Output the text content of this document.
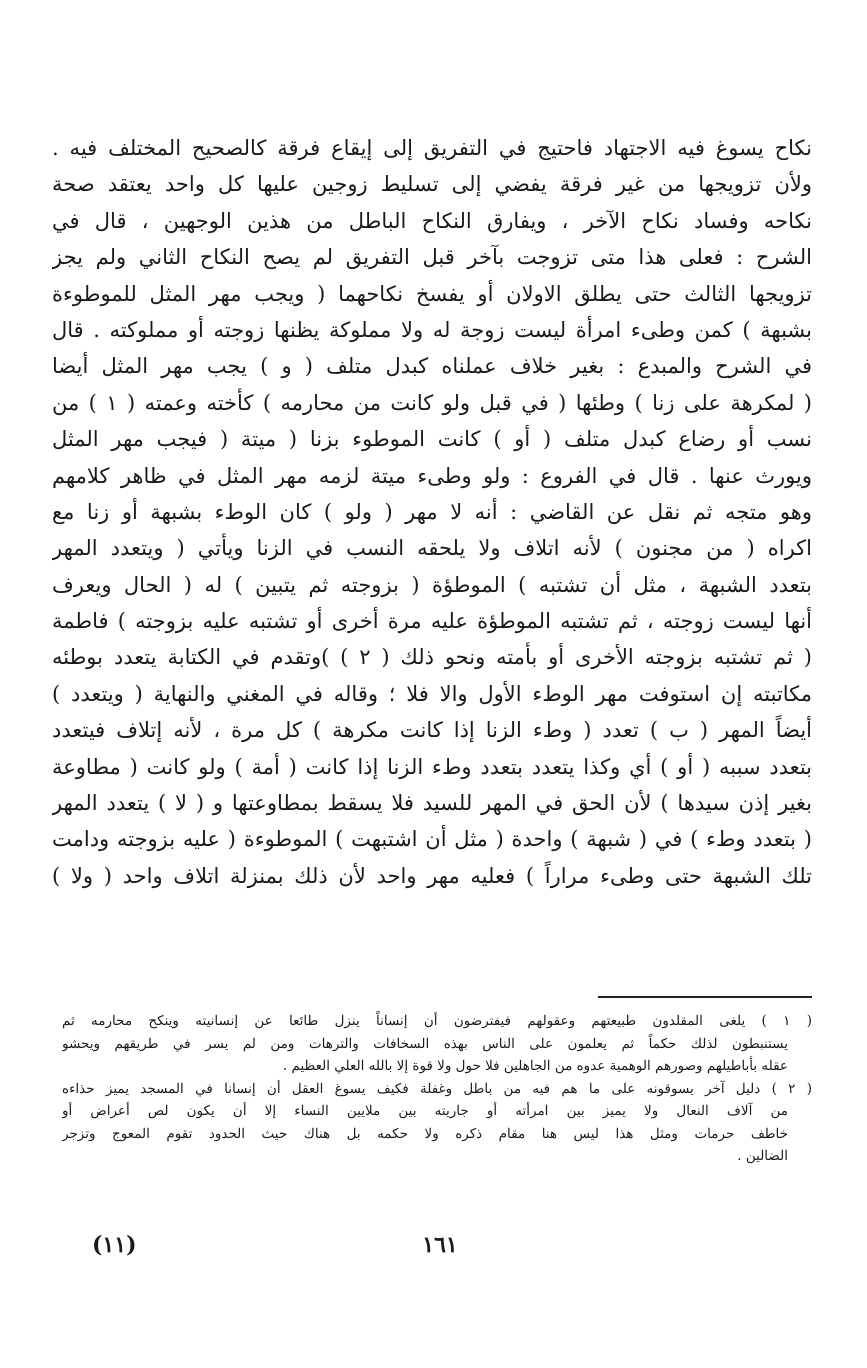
نكاح يسوغ فيه الاجتهاد فاحتيج في التفريق إلى إيقاع فرقة كالصحيح المختلف فيه .
ولأن تزويجها من غير فرقة يفضي إلى تسليط زوجين عليها كل واحد يعتقد صحة
نكاحه وفساد نكاح الآخر ، ويفارق النكاح الباطل من هذين الوجهين ، قال في
الشرح : فعلى هذا متى تزوجت بآخر قبل التفريق لم يصح النكاح الثاني ولم يجز
تزويجها الثالث حتى يطلق الاولان أو يفسخ نكاحهما ( ويجب مهر المثل للموطوءة
بشبهة ) كمن وطىء امرأة ليست زوجة له ولا مملوكة يظنها زوجته أو مملوكته . قال
في الشرح والمبدع : بغير خلاف عملناه كبدل متلف ( و ) يجب مهر المثل أيضا
( لمكرهة على زنا ) وطئها ( في قبل ولو كانت من محارمه ) كأخته وعمته ( ١ ) من
نسب أو رضاع كبدل متلف ( أو ) كانت الموطوء بزنا ( ميتة ( فيجب مهر المثل
ويورث عنها . قال في الفروع : ولو وطىء ميتة لزمه مهر المثل في ظاهر كلامهم
وهو متجه ثم نقل عن القاضي : أنه لا مهر ( ولو ) كان الوطء بشبهة أو زنا مع
اكراه ( من مجنون ) لأنه اتلاف ولا يلحقه النسب في الزنا ويأتي ( ويتعدد المهر
بتعدد الشبهة ، مثل أن تشتبه ) الموطؤة ( بزوجته ثم يتبين ) له ( الحال ويعرف
أنها ليست زوجته ، ثم تشتبه الموطؤة عليه مرة أخرى أو تشتبه عليه بزوجته ) فاطمة
( ثم تشتبه بزوجته الأخرى أو بأمته ونحو ذلك ( ٢ ) )وتقدم في الكتابة يتعدد بوطئه
مكاتبته إن استوفت مهر الوطء الأول والا فلا ؛ وقاله في المغني والنهاية ( ويتعدد )
أيضاً المهر ( ب ) تعدد ( وطء الزنا إذا كانت مكرهة ) كل مرة ، لأنه إتلاف فيتعدد
بتعدد سببه ( أو ) أي وكذا يتعدد بتعدد وطء الزنا إذا كانت ( أمة ) ولو كانت ( مطاوعة
بغير إذن سيدها ) لأن الحق في المهر للسيد فلا يسقط بمطاوعتها و ( لا ) يتعدد المهر
( بتعدد وطء ) في ( شبهة ) واحدة ( مثل أن اشتبهت ) الموطوءة ( عليه بزوجته ودامت
تلك الشبهة حتى وطىء مراراً ) فعليه مهر واحد لأن ذلك بمنزلة اتلاف واحد ( ولا )
( ١ ) يلغى المقلدون طبيعتهم وعقولهم فيفترضون أن إنساناً ينزل طائعا عن إنسانيته وينكح محارمه ثم
يستنبطون لذلك حكماً ثم يعلمون على الناس بهذه السخافات والترهات ومن لم يسر في طريقهم ويحشو
عقله بأباطيلهم وصورهم الوهمية عدوه من الجاهلين فلا حول ولا قوة إلا بالله العلي العظيم .
( ٢ ) دليل آخر يسوقونه على ما هم فيه من باطل وغفلة فكيف يسوغ العقل أن إنسانا في المسجد يميز حذاءه
من آلاف النعال ولا يميز بين امرأته أو جاريته بين ملايين النساء إلا أن يكون لص أعراض أو
خاطف حرمات ومثل هذا ليس هنا مقام ذكره ولا حكمه بل هناك حيث الحدود تقوم المعوج وتزجر
الضالين .
١٦١
(١١)
